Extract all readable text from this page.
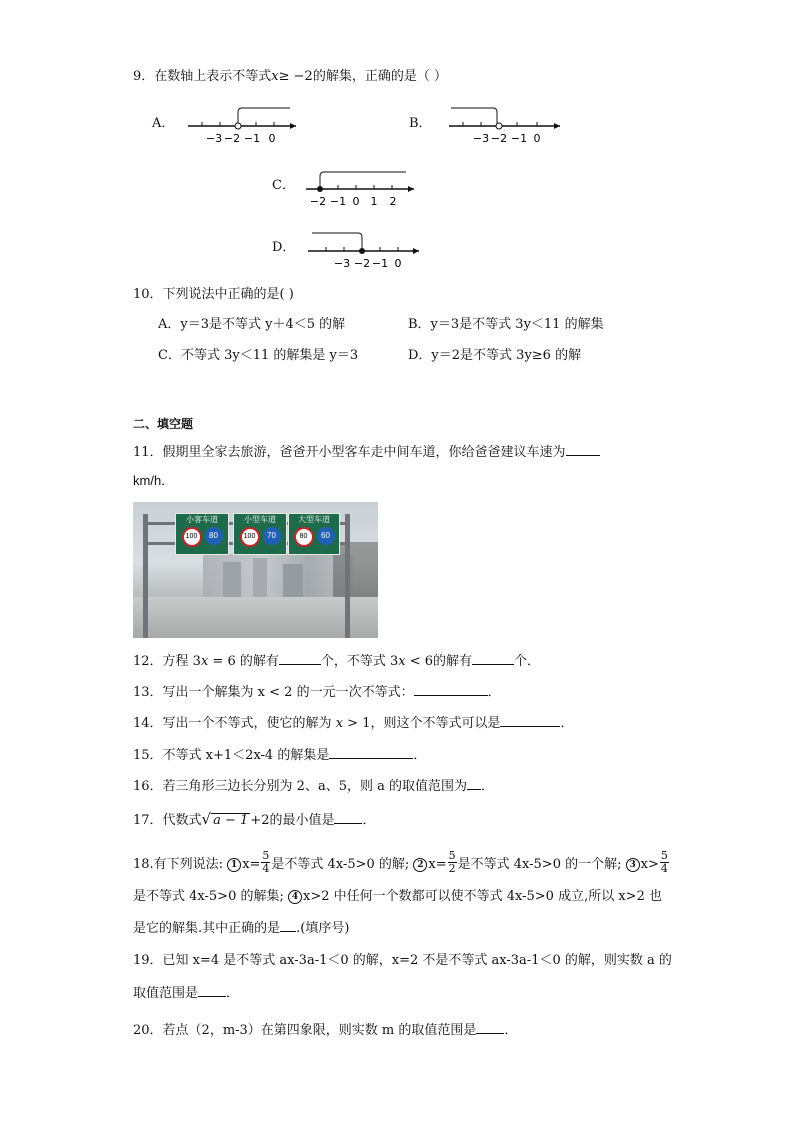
9．在数轴上表示不等式x≥ −2的解集，正确的是（ ）
A．
−3 −2 −1 0
B．
−3 −2 −1 0
C．
−2 −1 0 1 2
D．
−3 −2 −1 0
10．下列说法中正确的是( )
A．y＝3是不等式 y＋4＜5 的解	B．y＝3是不等式 3y＜11 的解集
C．不等式 3y＜11 的解集是 y＝3	D．y＝2是不等式 3y≥6 的解
二、填空题
11．假期里全家去旅游，爸爸开小型客车走中间车道，你给爸爸建议车速为
km/h．
小客车道
100	80
小型车道
100	70
大型车道
80	60
12．方程 3x = 6 的解有	个，不等式 3x < 6的解有	个．
13．写出一个解集为 x < 2 的一元一次不等式：	．
14．写出一个不等式，使它的解为 x > 1，则这个不等式可以是	．
15．不等式 x+1＜2x-4 的解集是	．
16．若三角形三边长分别为 2、a、5，则 a 的取值范围为 ．
17．代数式√ a − 1 +2的最小值是 ．
18.有下列说法: 1 $x= \frac{5}{4}$ 是不等式 4x-5>0 的解; 2 $x= \frac{5}{2}$ 是不等式 4x-5>0 的一个解; 3 $x> \frac{5}{4}$
是不等式 4x-5>0 的解集; 4 x>2 中任何一个数都可以使不等式 4x-5>0 成立,所以 x>2 也
是它的解集.其中正确的是 .(填序号)
19．已知 x=4 是不等式 ax-3a-1＜0 的解，x=2 不是不等式 ax-3a-1＜0 的解，则实数 a 的
取值范围是 ．
20．若点（2，m-3）在第四象限，则实数 m 的取值范围是 ．
